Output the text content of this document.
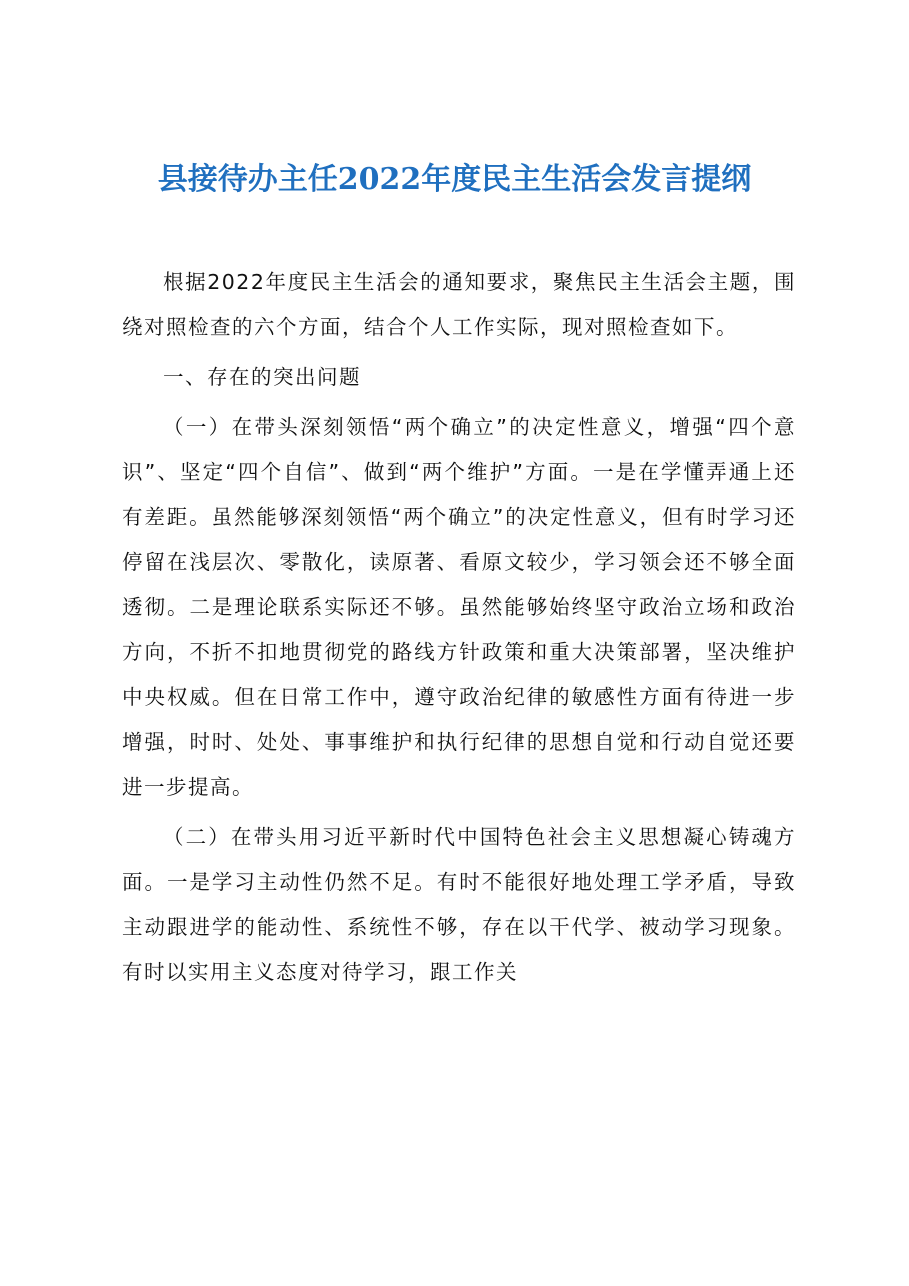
县接待办主任2022年度民主生活会发言提纲

根据2022年度民主生活会的通知要求，聚焦民主生活会主题，围绕对照检查的六个方面，结合个人工作实际，现对照检查如下。

一、存在的突出问题

（一）在带头深刻领悟“两个确立”的决定性意义，增强“四个意识”、坚定“四个自信”、做到“两个维护”方面。一是在学懂弄通上还有差距。虽然能够深刻领悟“两个确立”的决定性意义，但有时学习还停留在浅层次、零散化，读原著、看原文较少，学习领会还不够全面透彻。二是理论联系实际还不够。虽然能够始终坚守政治立场和政治方向，不折不扣地贯彻党的路线方针政策和重大决策部署，坚决维护中央权威。但在日常工作中，遵守政治纪律的敏感性方面有待进一步增强，时时、处处、事事维护和执行纪律的思想自觉和行动自觉还要进一步提高。

（二）在带头用习近平新时代中国特色社会主义思想凝心铸魂方面。一是学习主动性仍然不足。有时不能很好地处理工学矛盾，导致主动跟进学的能动性、系统性不够，存在以干代学、被动学习现象。有时以实用主义态度对待学习，跟工作关
